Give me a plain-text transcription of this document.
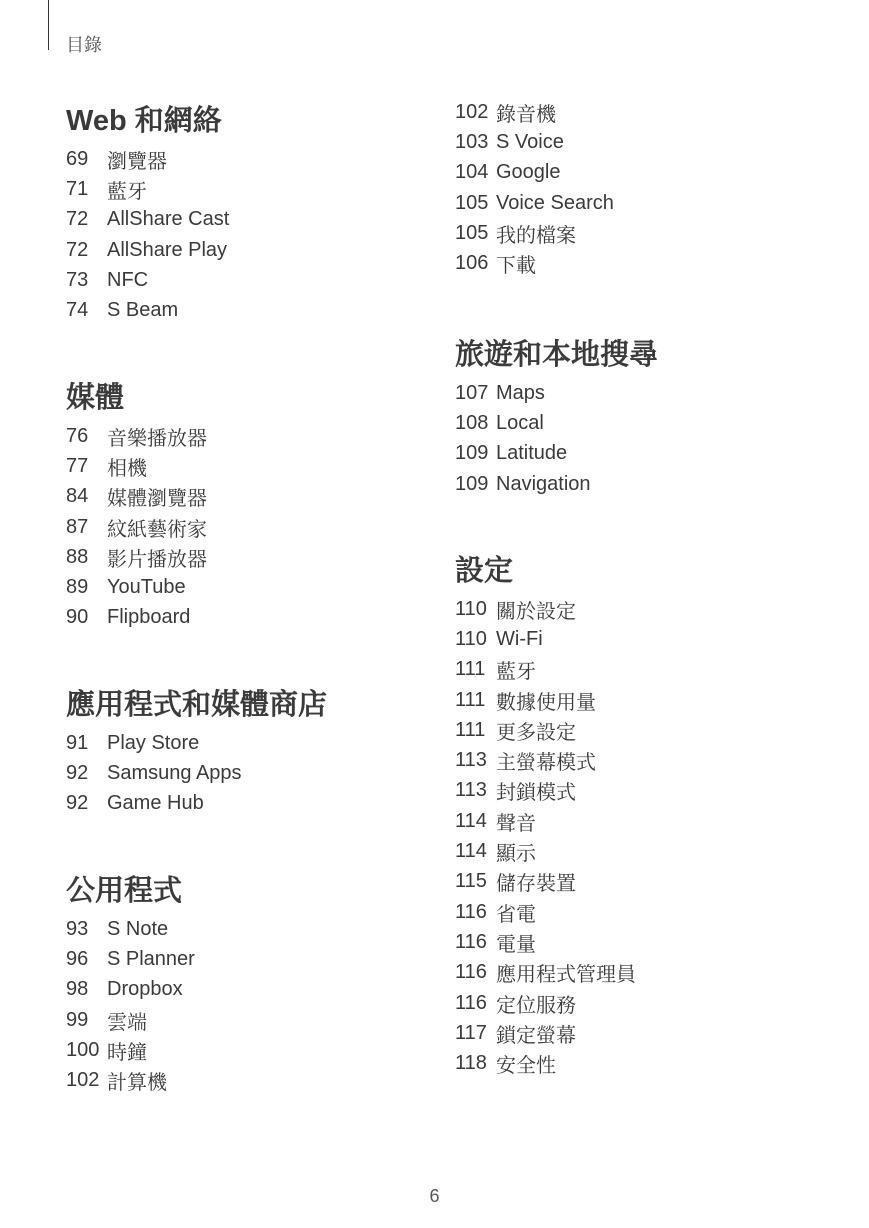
目錄
Web 和網絡
69 瀏覽器
71 藍牙
72 AllShare Cast
72 AllShare Play
73 NFC
74 S Beam
媒體
76 音樂播放器
77 相機
84 媒體瀏覽器
87 紋紙藝術家
88 影片播放器
89 YouTube
90 Flipboard
應用程式和媒體商店
91 Play Store
92 Samsung Apps
92 Game Hub
公用程式
93 S Note
96 S Planner
98 Dropbox
99 雲端
100 時鐘
102 計算機
102 錄音機
103 S Voice
104 Google
105 Voice Search
105 我的檔案
106 下載
旅遊和本地搜尋
107 Maps
108 Local
109 Latitude
109 Navigation
設定
110 關於設定
110 Wi-Fi
111 藍牙
111 數據使用量
111 更多設定
113 主螢幕模式
113 封鎖模式
114 聲音
114 顯示
115 儲存裝置
116 省電
116 電量
116 應用程式管理員
116 定位服務
117 鎖定螢幕
118 安全性
6
